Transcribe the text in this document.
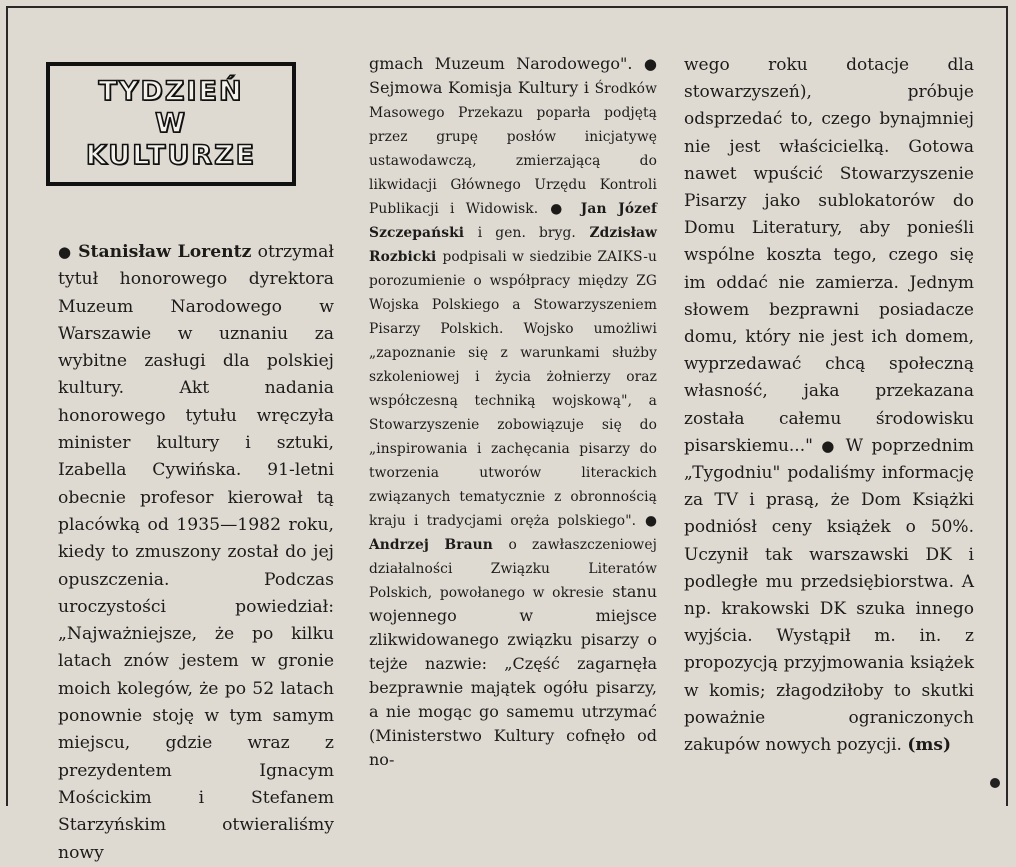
TYDZIEŃ
W
KULTURZE

● Stanisław Lorentz otrzymał tytuł honorowego dyrektora Muzeum Narodowego w Warszawie w uznaniu za wybitne zasługi dla polskiej kultury. Akt nadania honorowego tytułu wręczyła minister kultury i sztuki, Izabella Cywińska. 91-letni obecnie profesor kierował tą placówką od 1935—1982 roku, kiedy to zmuszony został do jej opuszczenia. Podczas uroczystości powiedział: „Najważniejsze, że po kilku latach znów jestem w gronie moich kolegów, że po 52 latach ponownie stoję w tym samym miejscu, gdzie wraz z prezydentem Ignacym Mościckim i Stefanem Starzyńskim otwieraliśmy nowy

gmach Muzeum Narodowego". ● Sejmowa Komisja Kultury i Środków Masowego Przekazu poparła podjętą przez grupę posłów inicjatywę ustawodawczą, zmierzającą do likwidacji Głównego Urzędu Kontroli Publikacji i Widowisk. ● Jan Józef Szczepański i gen. bryg. Zdzisław Rozbicki podpisali w siedzibie ZAIKS-u porozumienie o współpracy między ZG Wojska Polskiego a Stowarzyszeniem Pisarzy Polskich. Wojsko umożliwi „zapoznanie się z warunkami służby szkoleniowej i życia żołnierzy oraz współczesną techniką wojskową", a Stowarzyszenie zobowiązuje się do „inspirowania i zachęcania pisarzy do tworzenia utworów literackich związanych tematycznie z obronnością kraju i tradycjami oręża polskiego". ● Andrzej Braun o zawłaszczeniowej działalności Związku Literatów Polskich, powołanego w okresie stanu wojennego w miejsce zlikwidowanego związku pisarzy o tejże nazwie: „Część zagarnęła bezprawnie majątek ogółu pisarzy, a nie mogąc go samemu utrzymać (Ministerstwo Kultury cofnęło od no-

wego roku dotacje dla stowarzyszeń), próbuje odsprzedać to, czego bynajmniej nie jest właścicielką. Gotowa nawet wpuścić Stowarzyszenie Pisarzy jako sublokatorów do Domu Literatury, aby ponieśli wspólne koszta tego, czego się im oddać nie zamierza. Jednym słowem bezprawni posiadacze domu, który nie jest ich domem, wyprzedawać chcą społeczną własność, jaka przekazana została całemu środowisku pisarskiemu..." ● W poprzednim „Tygodniu" podaliśmy informację za TV i prasą, że Dom Książki podniósł ceny książek o 50%. Uczynił tak warszawski DK i podległe mu przedsiębiorstwa. A np. krakowski DK szuka innego wyjścia. Wystąpił m. in. z propozycją przyjmowania książek w komis; złagodziłoby to skutki poważnie ograniczonych zakupów nowych pozycji. (ms)
